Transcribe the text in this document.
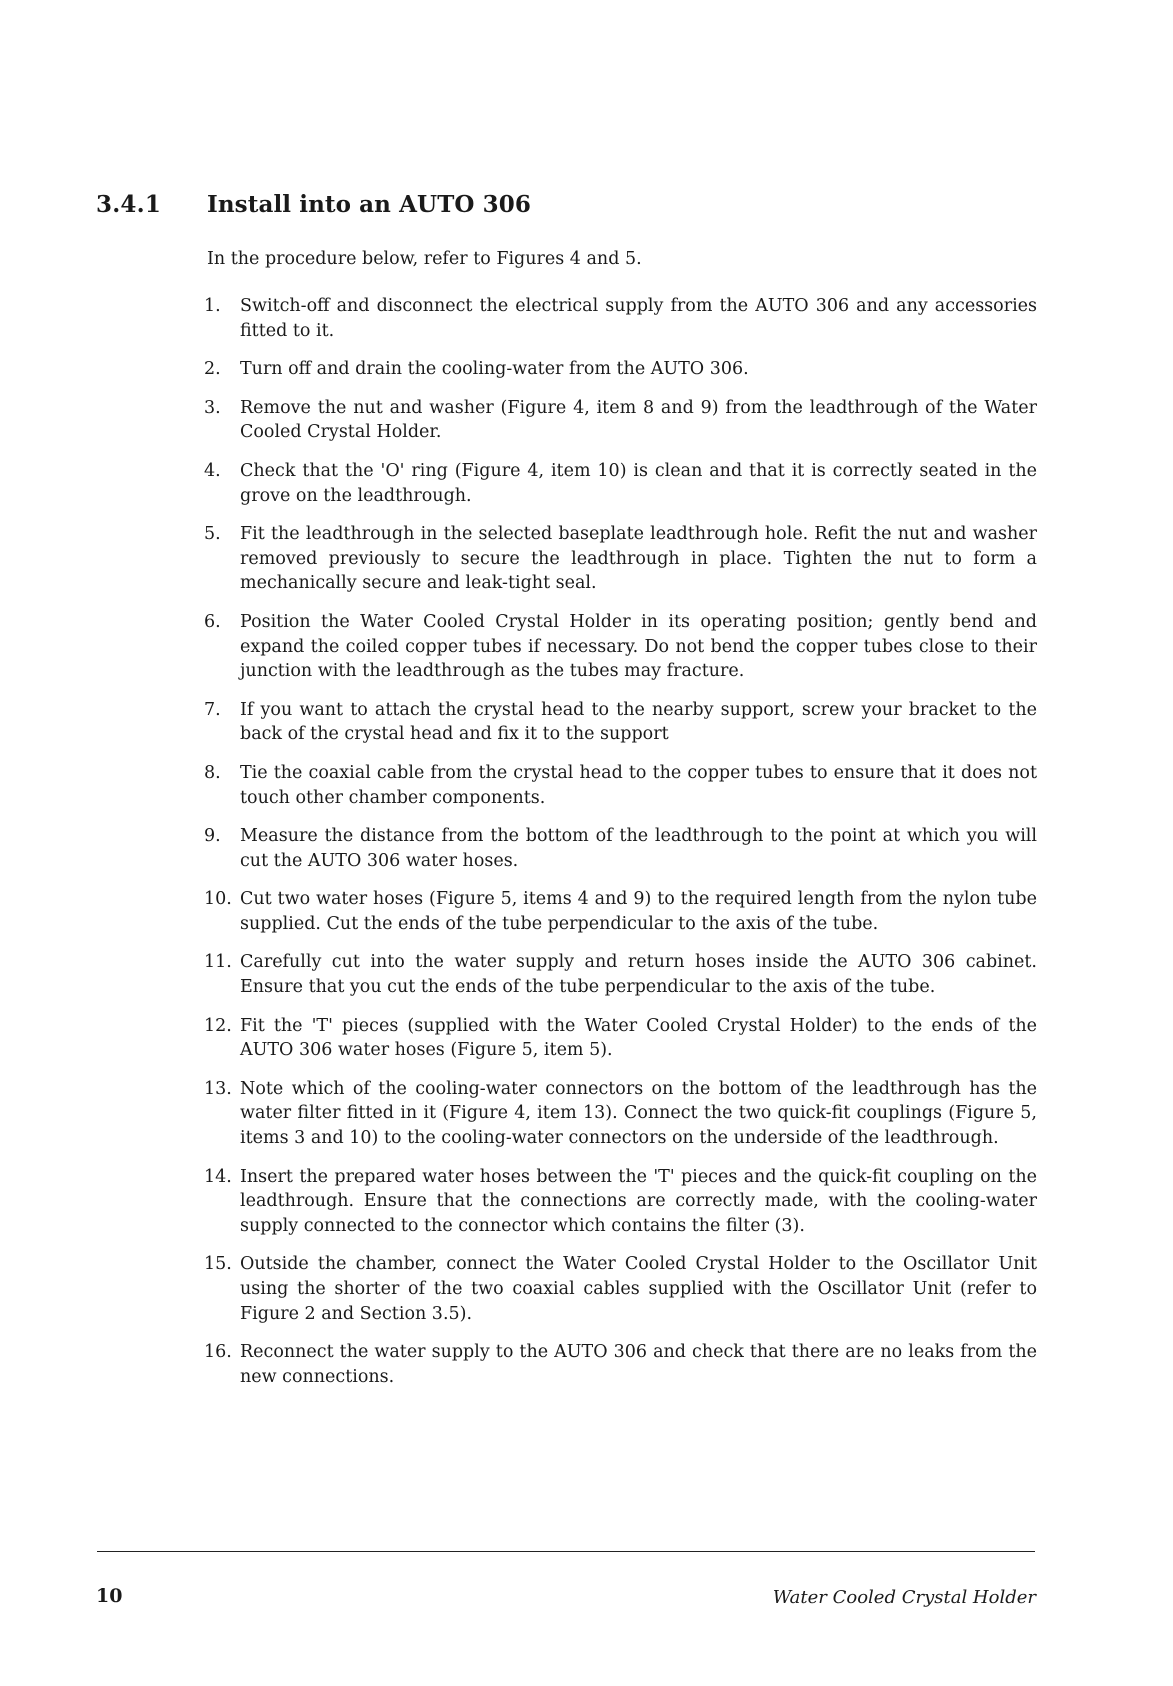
3.4.1 Install into an AUTO 306
In the procedure below, refer to Figures 4 and 5.
1.	Switch-off and disconnect the electrical supply from the AUTO 306 and any accessories fitted to it.
2.	Turn off and drain the cooling-water from the AUTO 306.
3.	Remove the nut and washer (Figure 4, item 8 and 9) from the leadthrough of the Water Cooled Crystal Holder.
4.	Check that the 'O' ring (Figure 4, item 10) is clean and that it is correctly seated in the grove on the leadthrough.
5.	Fit the leadthrough in the selected baseplate leadthrough hole. Refit the nut and washer removed previously to secure the leadthrough in place. Tighten the nut to form a mechanically secure and leak-tight seal.
6.	Position the Water Cooled Crystal Holder in its operating position; gently bend and expand the coiled copper tubes if necessary. Do not bend the copper tubes close to their junction with the leadthrough as the tubes may fracture.
7.	If you want to attach the crystal head to the nearby support, screw your bracket to the back of the crystal head and fix it to the support
8.	Tie the coaxial cable from the crystal head to the copper tubes to ensure that it does not touch other chamber components.
9.	Measure the distance from the bottom of the leadthrough to the point at which you will cut the AUTO 306 water hoses.
10. Cut two water hoses (Figure 5, items 4 and 9) to the required length from the nylon tube supplied. Cut the ends of the tube perpendicular to the axis of the tube.
11. Carefully cut into the water supply and return hoses inside the AUTO 306 cabinet. Ensure that you cut the ends of the tube perpendicular to the axis of the tube.
12. Fit the 'T' pieces (supplied with the Water Cooled Crystal Holder) to the ends of the AUTO 306 water hoses (Figure 5, item 5).
13. Note which of the cooling-water connectors on the bottom of the leadthrough has the water filter fitted in it (Figure 4, item 13). Connect the two quick-fit couplings (Figure 5, items 3 and 10) to the cooling-water connectors on the underside of the leadthrough.
14. Insert the prepared water hoses between the 'T' pieces and the quick-fit coupling on the leadthrough. Ensure that the connections are correctly made, with the cooling-water supply connected to the connector which contains the filter (3).
15. Outside the chamber, connect the Water Cooled Crystal Holder to the Oscillator Unit using the shorter of the two coaxial cables supplied with the Oscillator Unit (refer to Figure 2 and Section 3.5).
16. Reconnect the water supply to the AUTO 306 and check that there are no leaks from the new connections.
10	Water Cooled Crystal Holder
